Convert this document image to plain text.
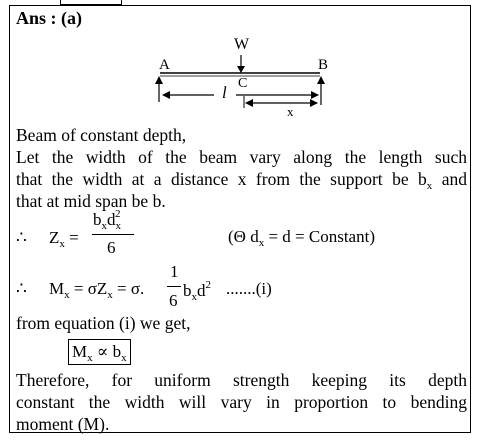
Ans : (a)
W
A	B
C
l
x
Beam of constant depth,
Let the width of the beam vary along the length such
that the width at a distance x from the support be $b_x$ and
that at mid span be b.
∴ $Z_x$ =
$b_xd_x^2$
6
(Θ $d_x = d$ = Constant)
∴ $M_x = \sigma Z_x = \sigma$.
1
6
$b_xd^2$ .......(i)
from equation (i) we get,
$M_x \propto b_x$
Therefore, for uniform strength keeping its depth
constant the width will vary in proportion to bending
moment (M).
